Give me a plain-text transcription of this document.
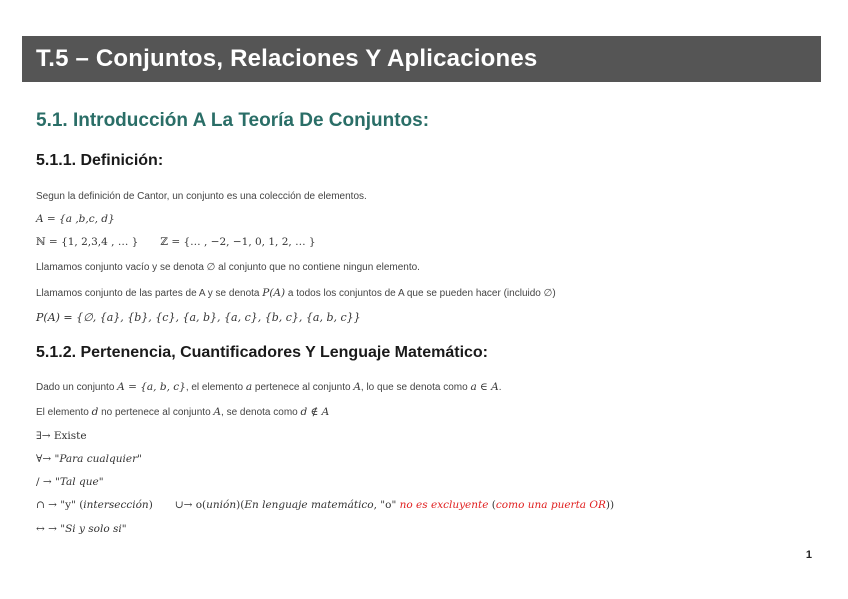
T.5 – Conjuntos, Relaciones Y Aplicaciones
5.1. Introducción A La Teoría De Conjuntos:
5.1.1. Definición:
Segun la definición de Cantor, un conjunto es una colección de elementos.
A = {a ,b,c, d}
ℕ = {1, 2,3,4 , … } ℤ = {… , −2, −1, 0, 1, 2, … }
Llamamos conjunto vacío y se denota ∅ al conjunto que no contiene ningun elemento.
Llamamos conjunto de las partes de A y se denota P(A) a todos los conjuntos de A que se pueden hacer (incluido ∅)
P(A) = {∅, {a}, {b}, {c}, {a, b}, {a, c}, {b, c}, {a, b, c}}
5.1.2. Pertenencia, Cuantificadores Y Lenguaje Matemático:
Dado un conjunto A = {a, b, c}, el elemento a pertenece al conjunto A, lo que se denota como a ∈ A.
El elemento d no pertenece al conjunto A, se denota como d ∉ A
∃→ Existe
∀→ "Para cualquier"
/ → "Tal que"
∩ → "y" (intersección) ∪→ o(unión)(En lenguaje matemático, "o" no es excluyente (como una puerta OR))
↔ → "Si y solo si"
1
